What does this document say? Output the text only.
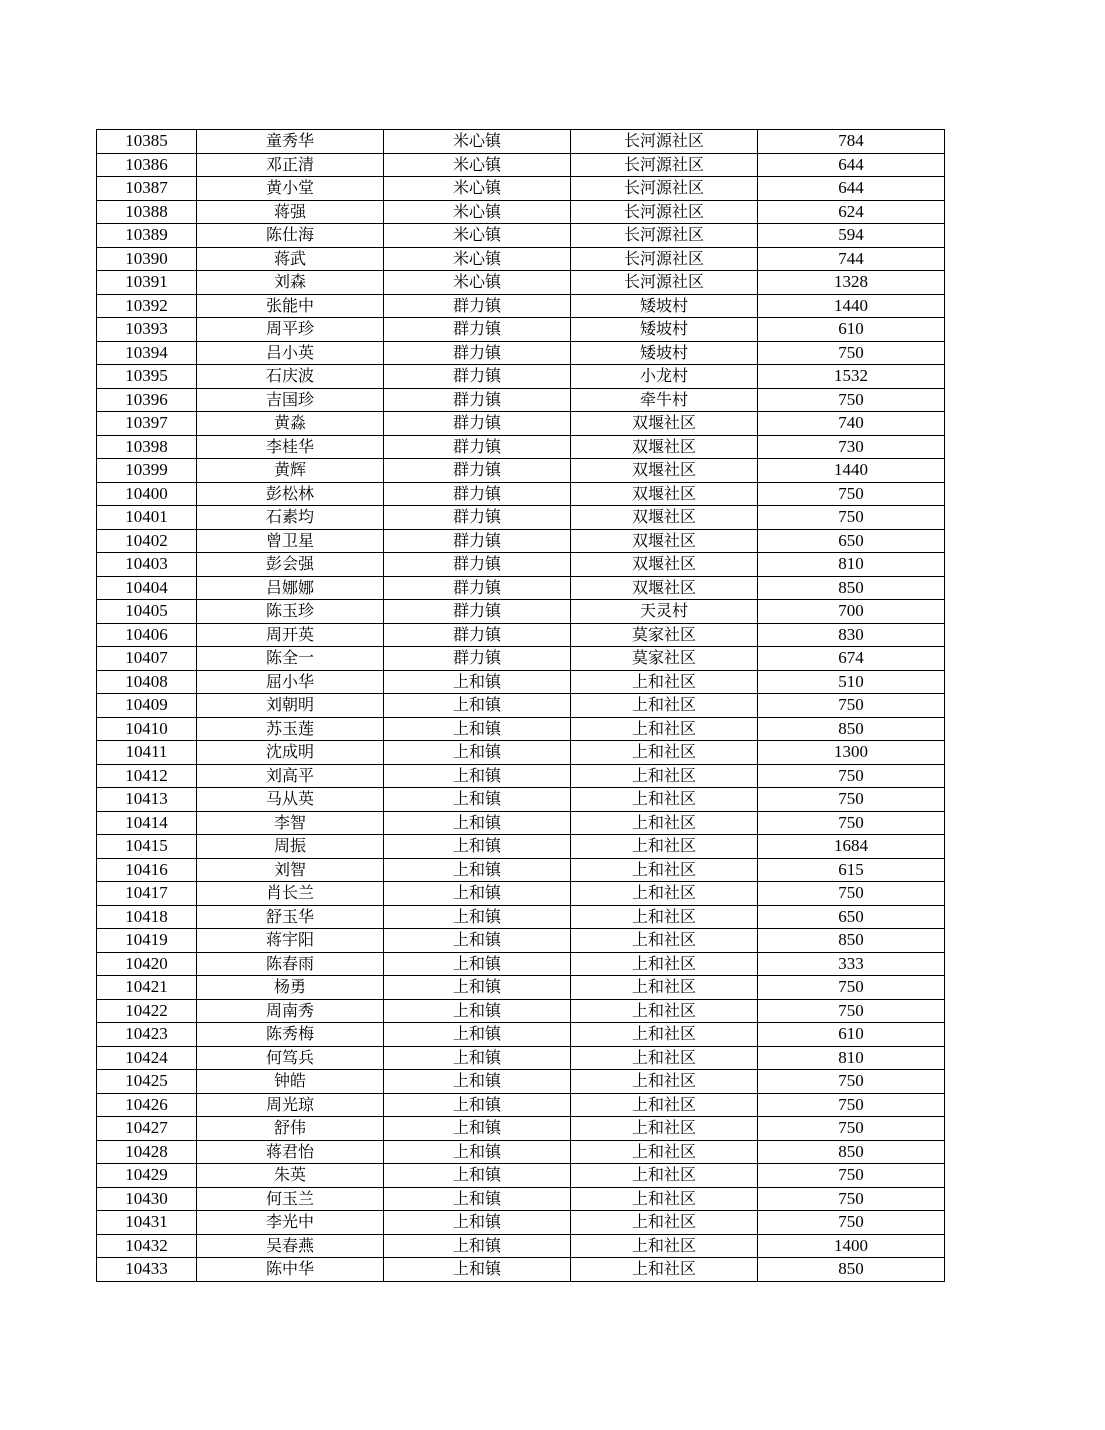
10385	童秀华	米心镇	长河源社区	784
10386	邓正清	米心镇	长河源社区	644
10387	黄小堂	米心镇	长河源社区	644
10388	蒋强	米心镇	长河源社区	624
10389	陈仕海	米心镇	长河源社区	594
10390	蒋武	米心镇	长河源社区	744
10391	刘森	米心镇	长河源社区	1328
10392	张能中	群力镇	矮坡村	1440
10393	周平珍	群力镇	矮坡村	610
10394	吕小英	群力镇	矮坡村	750
10395	石庆波	群力镇	小龙村	1532
10396	吉国珍	群力镇	牵牛村	750
10397	黄淼	群力镇	双堰社区	740
10398	李桂华	群力镇	双堰社区	730
10399	黄辉	群力镇	双堰社区	1440
10400	彭松林	群力镇	双堰社区	750
10401	石素均	群力镇	双堰社区	750
10402	曾卫星	群力镇	双堰社区	650
10403	彭会强	群力镇	双堰社区	810
10404	吕娜娜	群力镇	双堰社区	850
10405	陈玉珍	群力镇	天灵村	700
10406	周开英	群力镇	莫家社区	830
10407	陈全一	群力镇	莫家社区	674
10408	屈小华	上和镇	上和社区	510
10409	刘朝明	上和镇	上和社区	750
10410	苏玉莲	上和镇	上和社区	850
10411	沈成明	上和镇	上和社区	1300
10412	刘高平	上和镇	上和社区	750
10413	马从英	上和镇	上和社区	750
10414	李智	上和镇	上和社区	750
10415	周振	上和镇	上和社区	1684
10416	刘智	上和镇	上和社区	615
10417	肖长兰	上和镇	上和社区	750
10418	舒玉华	上和镇	上和社区	650
10419	蒋宇阳	上和镇	上和社区	850
10420	陈春雨	上和镇	上和社区	333
10421	杨勇	上和镇	上和社区	750
10422	周南秀	上和镇	上和社区	750
10423	陈秀梅	上和镇	上和社区	610
10424	何笃兵	上和镇	上和社区	810
10425	钟皓	上和镇	上和社区	750
10426	周光琼	上和镇	上和社区	750
10427	舒伟	上和镇	上和社区	750
10428	蒋君怡	上和镇	上和社区	850
10429	朱英	上和镇	上和社区	750
10430	何玉兰	上和镇	上和社区	750
10431	李光中	上和镇	上和社区	750
10432	吴春燕	上和镇	上和社区	1400
10433	陈中华	上和镇	上和社区	850
